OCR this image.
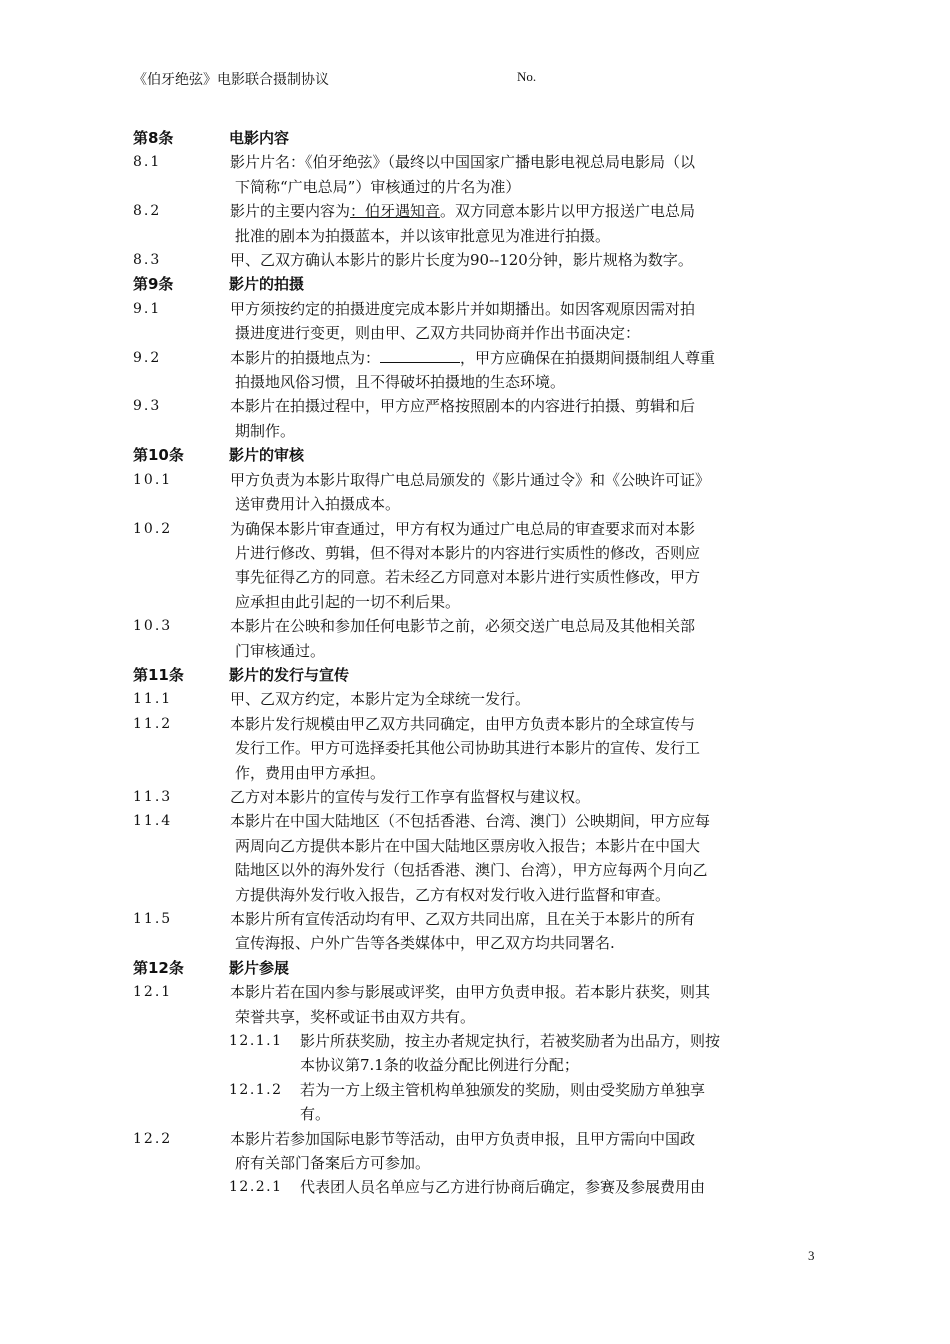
《伯牙绝弦》电影联合摄制协议	No.
第8条	电影内容
8.1	影片片名：《伯牙绝弦》（最终以中国国家广播电影电视总局电影局（以
下简称“广电总局”）审核通过的片名为准）
8.2	影片的主要内容为：伯牙遇知音。双方同意本影片以甲方报送广电总局
批准的剧本为拍摄蓝本，并以该审批意见为准进行拍摄。
8.3	甲、乙双方确认本影片的影片长度为90--120分钟，影片规格为数字。
第9条	影片的拍摄
9.1	甲方须按约定的拍摄进度完成本影片并如期播出。如因客观原因需对拍
摄进度进行变更，则由甲、乙双方共同协商并作出书面决定：
9.2	本影片的拍摄地点为：	，甲方应确保在拍摄期间摄制组人尊重
拍摄地风俗习惯，且不得破坏拍摄地的生态环境。
9.3	本影片在拍摄过程中，甲方应严格按照剧本的内容进行拍摄、剪辑和后
期制作。
第10条	影片的审核
10.1	甲方负责为本影片取得广电总局颁发的《影片通过令》和《公映许可证》
送审费用计入拍摄成本。
10.2	为确保本影片审查通过，甲方有权为通过广电总局的审查要求而对本影
片进行修改、剪辑，但不得对本影片的内容进行实质性的修改，否则应
事先征得乙方的同意。若未经乙方同意对本影片进行实质性修改，甲方
应承担由此引起的一切不利后果。
10.3	本影片在公映和参加任何电影节之前，必须交送广电总局及其他相关部
门审核通过。
第11条	影片的发行与宣传
11.1	甲、乙双方约定，本影片定为全球统一发行。
11.2	本影片发行规模由甲乙双方共同确定，由甲方负责本影片的全球宣传与
发行工作。甲方可选择委托其他公司协助其进行本影片的宣传、发行工
作，费用由甲方承担。
11.3	乙方对本影片的宣传与发行工作享有监督权与建议权。
11.4	本影片在中国大陆地区（不包括香港、台湾、澳门）公映期间，甲方应每
两周向乙方提供本影片在中国大陆地区票房收入报告；本影片在中国大
陆地区以外的海外发行（包括香港、澳门、台湾），甲方应每两个月向乙
方提供海外发行收入报告，乙方有权对发行收入进行监督和审查。
11.5	本影片所有宣传活动均有甲、乙双方共同出席，且在关于本影片的所有
宣传海报、户外广告等各类媒体中，甲乙双方均共同署名.
第12条	影片参展
12.1	本影片若在国内参与影展或评奖，由甲方负责申报。若本影片获奖，则其
荣誉共享，奖杯或证书由双方共有。
12.1.1 影片所获奖励，按主办者规定执行，若被奖励者为出品方，则按
本协议第7.1条的收益分配比例进行分配；
12.1.2 若为一方上级主管机构单独颁发的奖励，则由受奖励方单独享
有。
12.2	本影片若参加国际电影节等活动，由甲方负责申报，且甲方需向中国政
府有关部门备案后方可参加。
12.2.1 代表团人员名单应与乙方进行协商后确定，参赛及参展费用由
3
